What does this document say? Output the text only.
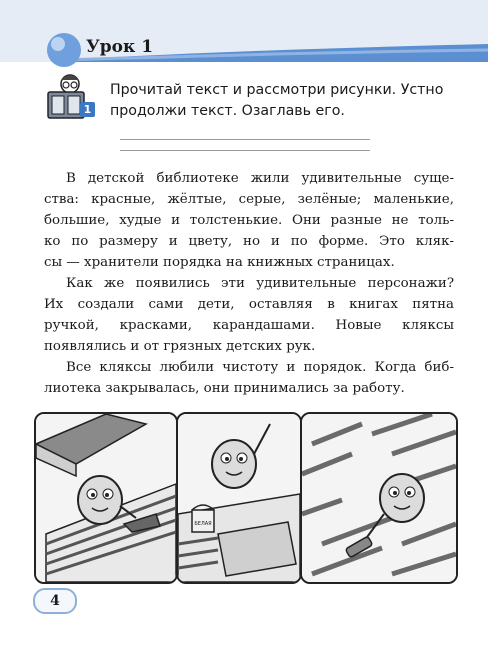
Урок 1
1
Прочитай текст и рассмотри рисунки. Устно
продолжи текст. Озаглавь его.
В детской библиотеке жили удивительные суще-
ства: красные, жёлтые, серые, зелёные; маленькие,
большие, худые и толстенькие. Они разные не толь-
ко по размеру и цвету, но и по форме. Это кляк-
сы — хранители порядка на книжных страницах.
Как же появились эти удивительные персонажи?
Их создали сами дети, оставляя в книгах пятна
ручкой, красками, карандашами. Новые кляксы
появлялись и от грязных детских рук.
Все кляксы любили чистоту и порядок. Когда биб-
лиотека закрывалась, они принимались за работу.
БЕЛАЯ
4
